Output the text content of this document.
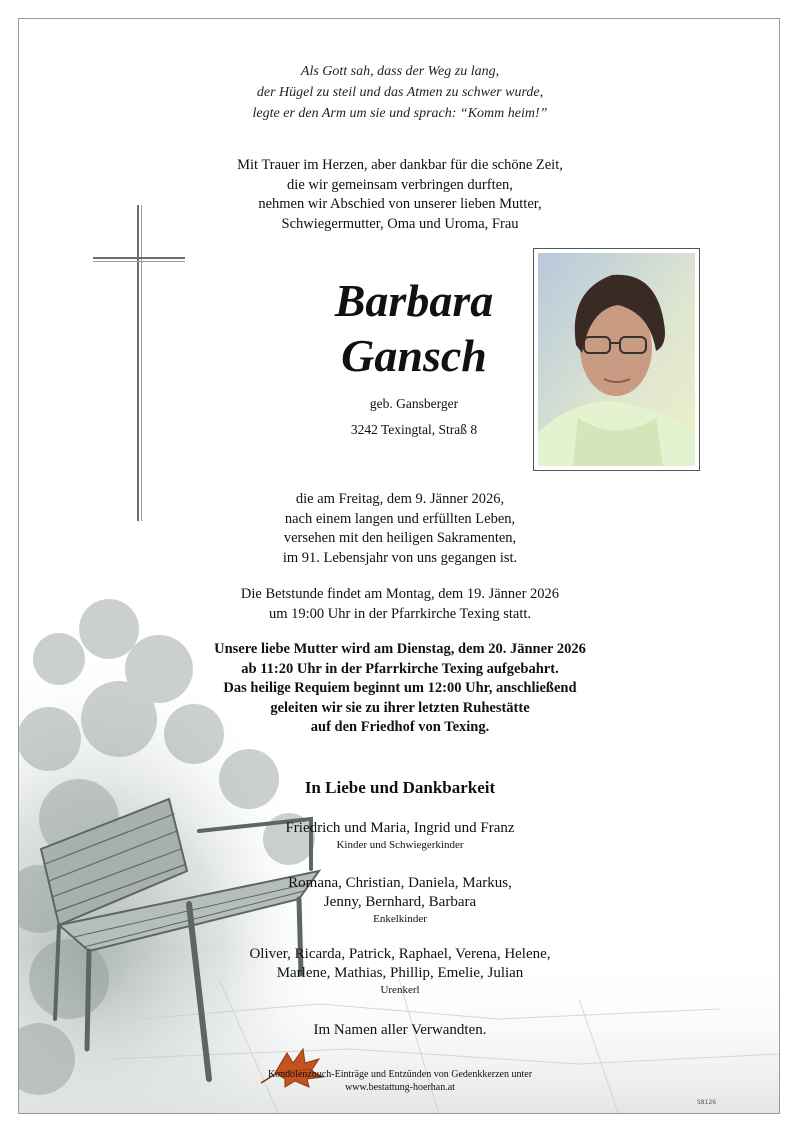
Als Gott sah, dass der Weg zu lang,
der Hügel zu steil und das Atmen zu schwer wurde,
legte er den Arm um sie und sprach: “Komm heim!”
Mit Trauer im Herzen, aber dankbar für die schöne Zeit,
die wir gemeinsam verbringen durften,
nehmen wir Abschied von unserer lieben Mutter,
Schwiegermutter, Oma und Uroma, Frau
Barbara
Gansch
geb. Gansberger
3242 Texingtal, Straß 8
die am Freitag, dem 9. Jänner 2026,
nach einem langen und erfüllten Leben,
versehen mit den heiligen Sakramenten,
im 91. Lebensjahr von uns gegangen ist.
Die Betstunde findet am Montag, dem 19. Jänner 2026
um 19:00 Uhr in der Pfarrkirche Texing statt.
Unsere liebe Mutter wird am Dienstag, dem 20. Jänner 2026
ab 11:20 Uhr in der Pfarrkirche Texing aufgebahrt.
Das heilige Requiem beginnt um 12:00 Uhr, anschließend
geleiten wir sie zu ihrer letzten Ruhestätte
auf den Friedhof von Texing.
In Liebe und Dankbarkeit
Friedrich und Maria, Ingrid und Franz
Kinder und Schwiegerkinder
Romana, Christian, Daniela, Markus,
Jenny, Bernhard, Barbara
Enkelkinder
Oliver, Ricarda, Patrick, Raphael, Verena, Helene,
Marlene, Mathias, Phillip, Emelie, Julian
Urenkerl
Im Namen aller Verwandten.
Kondolenzbuch-Einträge und Entzünden von Gedenkkerzen unter
www.bestattung-hoerhan.at
S8126
